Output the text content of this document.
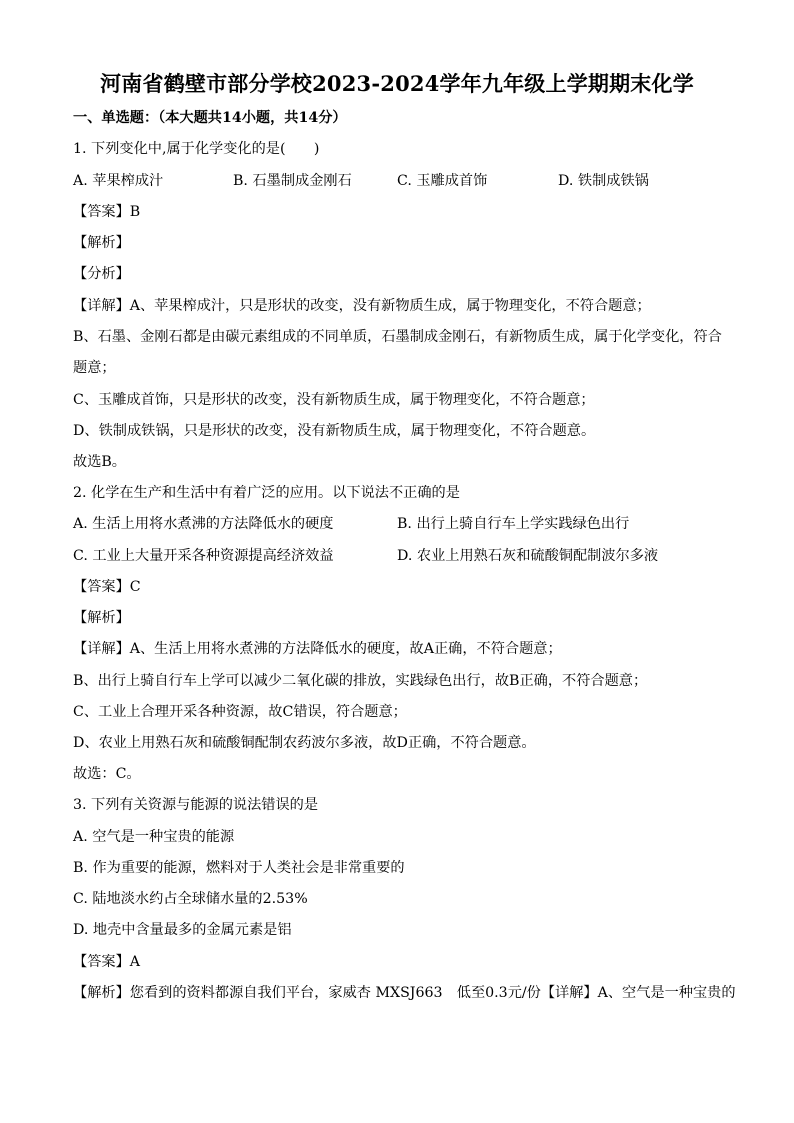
河南省鹤壁市部分学校2023-2024学年九年级上学期期末化学
一、单选题：（本大题共14小题，共14分）
1. 下列变化中,属于化学变化的是(　　)
A. 苹果榨成汁	B. 石墨制成金刚石	C. 玉雕成首饰	D. 铁制成铁锅
【答案】B
【解析】
【分析】
【详解】A、苹果榨成汁，只是形状的改变，没有新物质生成，属于物理变化，不符合题意；
B、石墨、金刚石都是由碳元素组成的不同单质，石墨制成金刚石，有新物质生成，属于化学变化，符合
题意；
C、玉雕成首饰，只是形状的改变，没有新物质生成，属于物理变化，不符合题意；
D、铁制成铁锅，只是形状的改变，没有新物质生成，属于物理变化，不符合题意。
故选B。
2. 化学在生产和生活中有着广泛的应用。以下说法不正确的是
A. 生活上用将水煮沸的方法降低水的硬度	B. 出行上骑自行车上学实践绿色出行
C. 工业上大量开采各种资源提高经济效益	D. 农业上用熟石灰和硫酸铜配制波尔多液
【答案】C
【解析】
【详解】A、生活上用将水煮沸的方法降低水的硬度，故A正确，不符合题意；
B、出行上骑自行车上学可以减少二氧化碳的排放，实践绿色出行，故B正确，不符合题意；
C、工业上合理开采各种资源，故C错误，符合题意；
D、农业上用熟石灰和硫酸铜配制农药波尔多液，故D正确，不符合题意。
故选：C。
3. 下列有关资源与能源的说法错误的是
A. 空气是一种宝贵的能源
B. 作为重要的能源，燃料对于人类社会是非常重要的
C. 陆地淡水约占全球储水量的2.53%
D. 地壳中含量最多的金属元素是铝
【答案】A
【解析】您看到的资料都源自我们平台，家威杏 MXSJ663　低至0.3元/份【详解】A、空气是一种宝贵的
